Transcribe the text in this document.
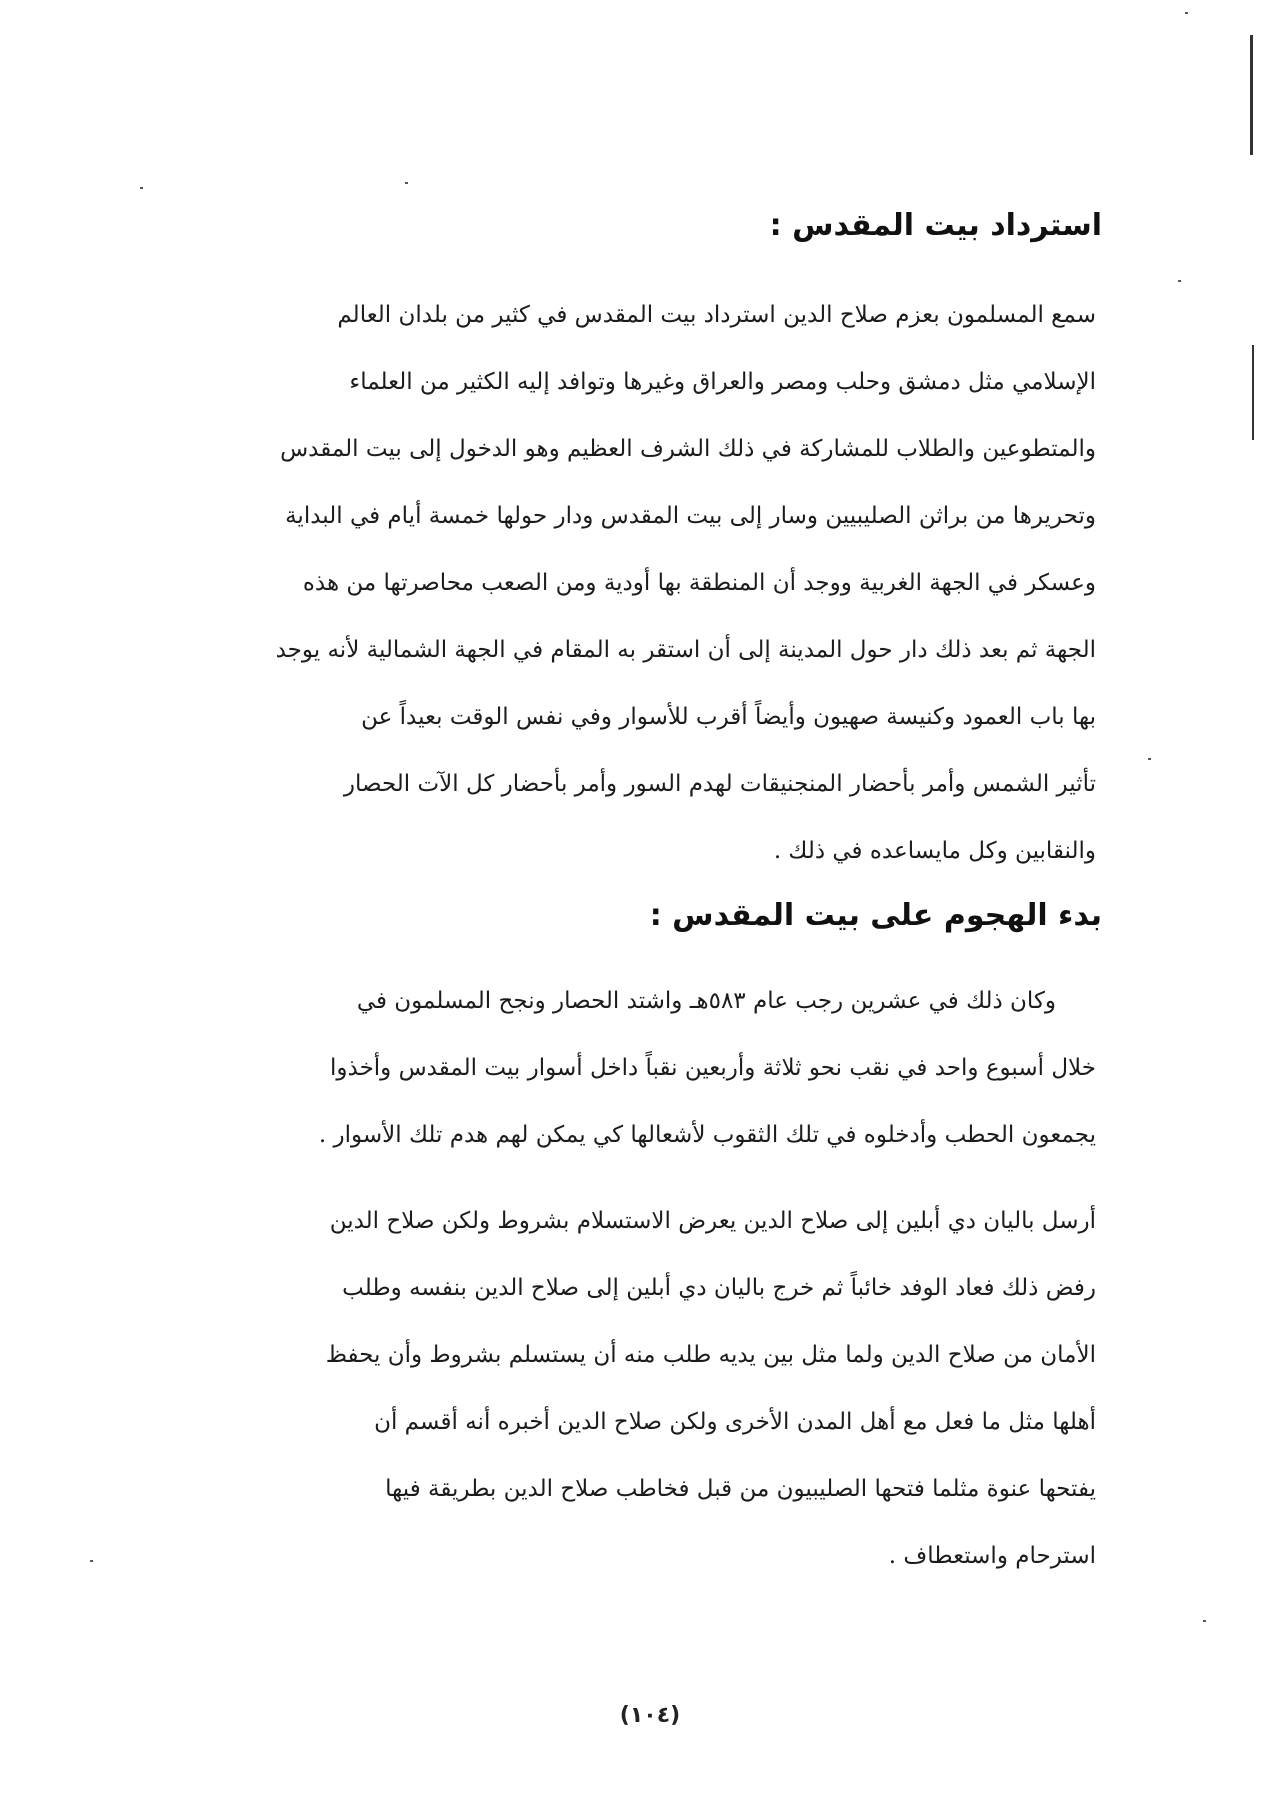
استرداد بيت المقدس :
سمع المسلمون بعزم صلاح الدين استرداد بيت المقدس في كثير من بلدان العالم
الإسلامي مثل دمشق وحلب ومصر والعراق وغيرها وتوافد إليه الكثير من العلماء
والمتطوعين والطلاب للمشاركة في ذلك الشرف العظيم وهو الدخول إلى بيت المقدس
وتحريرها من براثن الصليبيين وسار إلى بيت المقدس ودار حولها خمسة أيام في البداية
وعسكر في الجهة الغربية ووجد أن المنطقة بها أودية ومن الصعب محاصرتها من هذه
الجهة ثم بعد ذلك دار حول المدينة إلى أن استقر به المقام في الجهة الشمالية لأنه يوجد
بها باب العمود وكنيسة صهيون وأيضاً أقرب للأسوار وفي نفس الوقت بعيداً عن
تأثير الشمس وأمر بأحضار المنجنيقات لهدم السور وأمر بأحضار كل الآت الحصار
والنقابين وكل مايساعده في ذلك .
بدء الهجوم على بيت المقدس :
وكان ذلك في عشرين رجب عام ٥٨٣هـ واشتد الحصار ونجح المسلمون في
خلال أسبوع واحد في نقب نحو ثلاثة وأربعين نقباً داخل أسوار بيت المقدس وأخذوا
يجمعون الحطب وأدخلوه في تلك الثقوب لأشعالها كي يمكن لهم هدم تلك الأسوار .
أرسل باليان دي أبلين إلى صلاح الدين يعرض الاستسلام بشروط ولكن صلاح الدين
رفض ذلك فعاد الوفد خائباً ثم خرج باليان دي أبلين إلى صلاح الدين بنفسه وطلب
الأمان من صلاح الدين ولما مثل بين يديه طلب منه أن يستسلم بشروط وأن يحفظ
أهلها مثل ما فعل مع أهل المدن الأخرى ولكن صلاح الدين أخبره أنه أقسم أن
يفتحها عنوة مثلما فتحها الصليبيون من قبل فخاطب صلاح الدين بطريقة فيها
استرحام واستعطاف .
(١٠٤)
